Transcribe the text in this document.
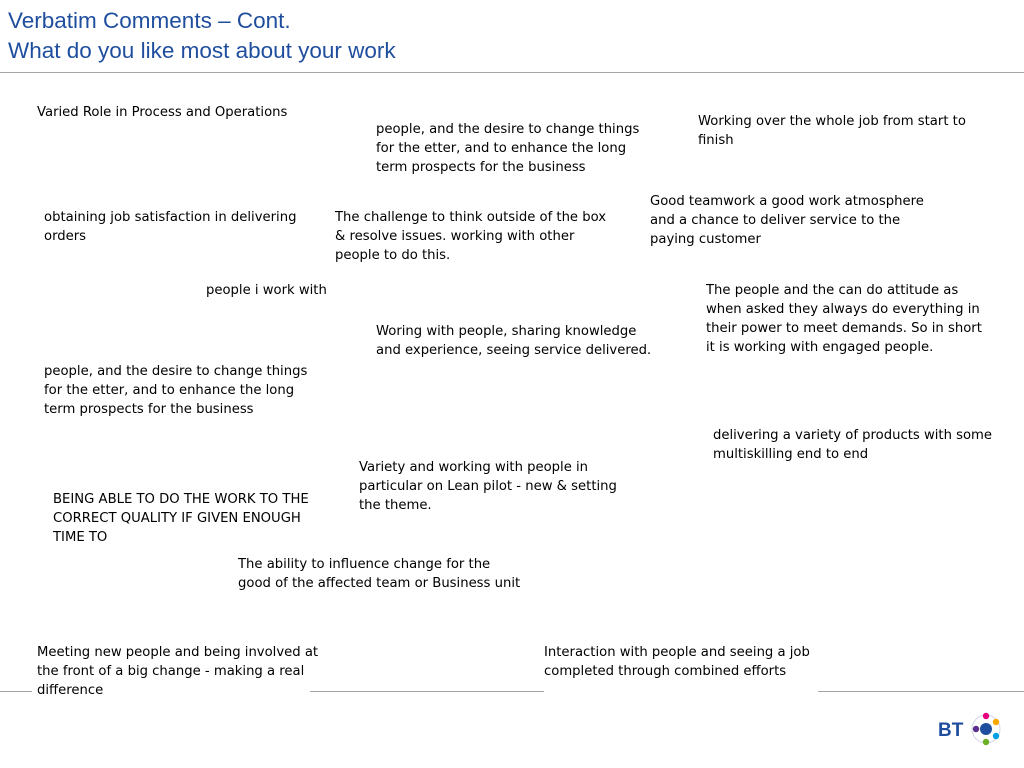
Verbatim Comments – Cont.
What do you like most about your work
Varied Role in Process and Operations
people, and the desire to change things
for the etter, and to enhance the long
term prospects for the business
Working over the whole job from start to
finish
Good teamwork a good work atmosphere
and a chance to deliver service to the
paying customer
obtaining job satisfaction in delivering
orders
The challenge to think outside of the box
& resolve issues. working with other
people to do this.
people i work with	The people and the can do attitude as
when asked they always do everything in
their power to meet demands. So in short
it is working with engaged people.
Woring with people, sharing knowledge
and experience, seeing service delivered.
people, and the desire to change things
for the etter, and to enhance the long
term prospects for the business
delivering a variety of products with some
multiskilling end to end
Variety and working with people in
particular on Lean pilot - new & setting
the theme.
BEING ABLE TO DO THE WORK TO THE
CORRECT QUALITY IF GIVEN ENOUGH
TIME TO
The ability to influence change for the
good of the affected team or Business unit
Meeting new people and being involved at
the front of a big change - making a real
difference
Interaction with people and seeing a job
completed through combined efforts
BT
